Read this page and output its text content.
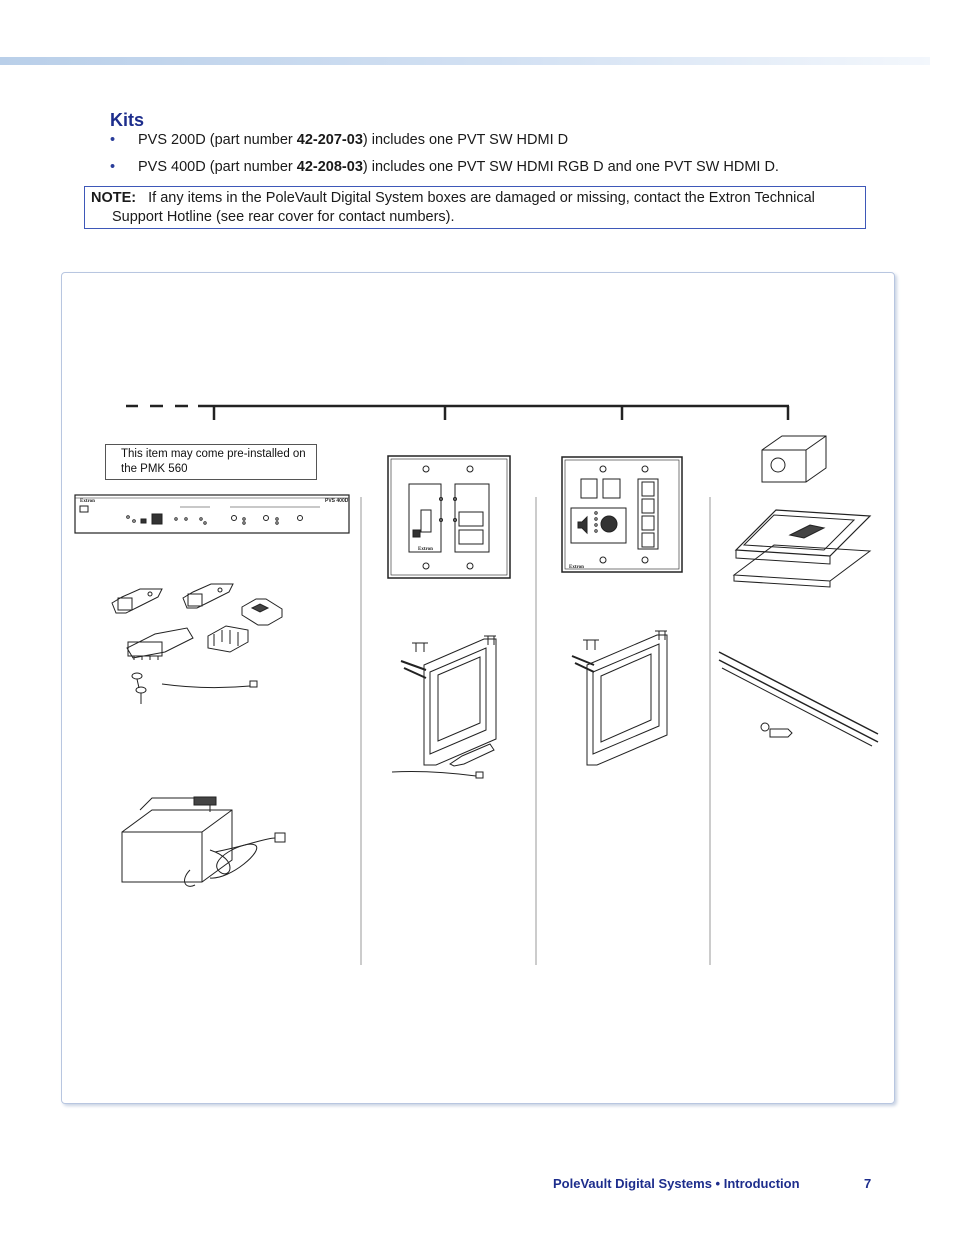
Kits
• PVS 200D (part number 42-207-03) includes one PVT SW HDMI D
• PVS 400D (part number 42-208-03) includes one PVT SW HDMI RGB D and one PVT SW HDMI D.
NOTE: If any items in the PoleVault Digital System boxes are damaged or missing, contact the Extron Technical
Support Hotline (see rear cover for contact numbers).
Extron	PVS 400D
Extron
Extron
This item may come pre-installed on the PMK 560
PoleVault Digital Systems • Introduction	7
